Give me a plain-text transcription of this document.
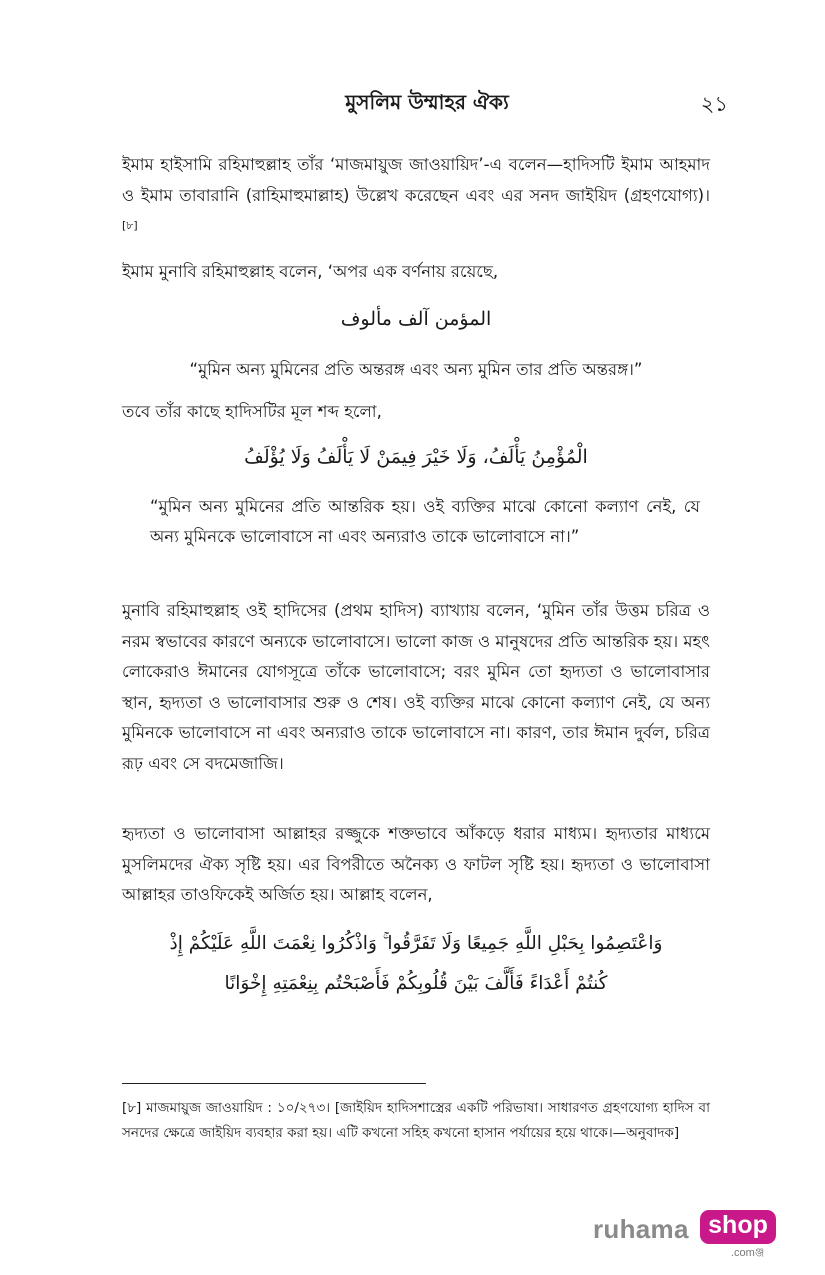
মুসলিম উম্মাহর ঐক্য	২১
ইমাম হাইসামি রহিমাহুল্লাহ তাঁর ‘মাজমায়ুজ জাওয়ায়িদ’-এ বলেন—হাদিসটি ইমাম আহমাদ ও ইমাম তাবারানি (রাহিমাহুমাল্লাহ) উল্লেখ করেছেন এবং এর সনদ জাইয়িদ (গ্রহণযোগ্য)।[৮]
ইমাম মুনাবি রহিমাহুল্লাহ বলেন, ‘অপর এক বর্ণনায় রয়েছে,
المؤمن آلف مألوف
“মুমিন অন্য মুমিনের প্রতি অন্তরঙ্গ এবং অন্য মুমিন তার প্রতি অন্তরঙ্গ।”
তবে তাঁর কাছে হাদিসটির মূল শব্দ হলো,
الْمُؤْمِنُ يَأْلَفُ، وَلَا خَيْرَ فِيمَنْ لَا يَأْلَفُ وَلَا يُؤْلَفُ
“মুমিন অন্য মুমিনের প্রতি আন্তরিক হয়। ওই ব্যক্তির মাঝে কোনো কল্যাণ নেই, যে অন্য মুমিনকে ভালোবাসে না এবং অন্যরাও তাকে ভালোবাসে না।”
মুনাবি রহিমাহুল্লাহ ওই হাদিসের (প্রথম হাদিস) ব্যাখ্যায় বলেন, ‘মুমিন তাঁর উত্তম চরিত্র ও নরম স্বভাবের কারণে অন্যকে ভালোবাসে। ভালো কাজ ও মানুষদের প্রতি আন্তরিক হয়। মহৎ লোকেরাও ঈমানের যোগসূত্রে তাঁকে ভালোবাসে; বরং মুমিন তো হৃদ্যতা ও ভালোবাসার স্থান, হৃদ্যতা ও ভালোবাসার শুরু ও শেষ। ওই ব্যক্তির মাঝে কোনো কল্যাণ নেই, যে অন্য মুমিনকে ভালোবাসে না এবং অন্যরাও তাকে ভালোবাসে না। কারণ, তার ঈমান দুর্বল, চরিত্র রূঢ় এবং সে বদমেজাজি।
হৃদ্যতা ও ভালোবাসা আল্লাহর রজ্জুকে শক্তভাবে আঁকড়ে ধরার মাধ্যম। হৃদ্যতার মাধ্যমে মুসলিমদের ঐক্য সৃষ্টি হয়। এর বিপরীতে অনৈক্য ও ফাটল সৃষ্টি হয়। হৃদ্যতা ও ভালোবাসা আল্লাহর তাওফিকেই অর্জিত হয়। আল্লাহ বলেন,
وَاعْتَصِمُوا بِحَبْلِ اللَّهِ جَمِيعًا وَلَا تَفَرَّقُوا ۚ وَاذْكُرُوا نِعْمَتَ اللَّهِ عَلَيْكُمْ إِذْ
كُنتُمْ أَعْدَاءً فَأَلَّفَ بَيْنَ قُلُوبِكُمْ فَأَصْبَحْتُم بِنِعْمَتِهِ إِخْوَانًا
[৮] মাজমায়ুজ জাওয়ায়িদ : ১০/২৭৩। [জাইয়িদ হাদিসশাস্ত্রের একটি পরিভাষা। সাধারণত গ্রহণযোগ্য হাদিস বা সনদের ক্ষেত্রে জাইয়িদ ব্যবহার করা হয়। এটি কখনো সহিহ কখনো হাসান পর্যায়ের হয়ে থাকে।—অনুবাদক]
ruhama shop
.comঞ্জ
